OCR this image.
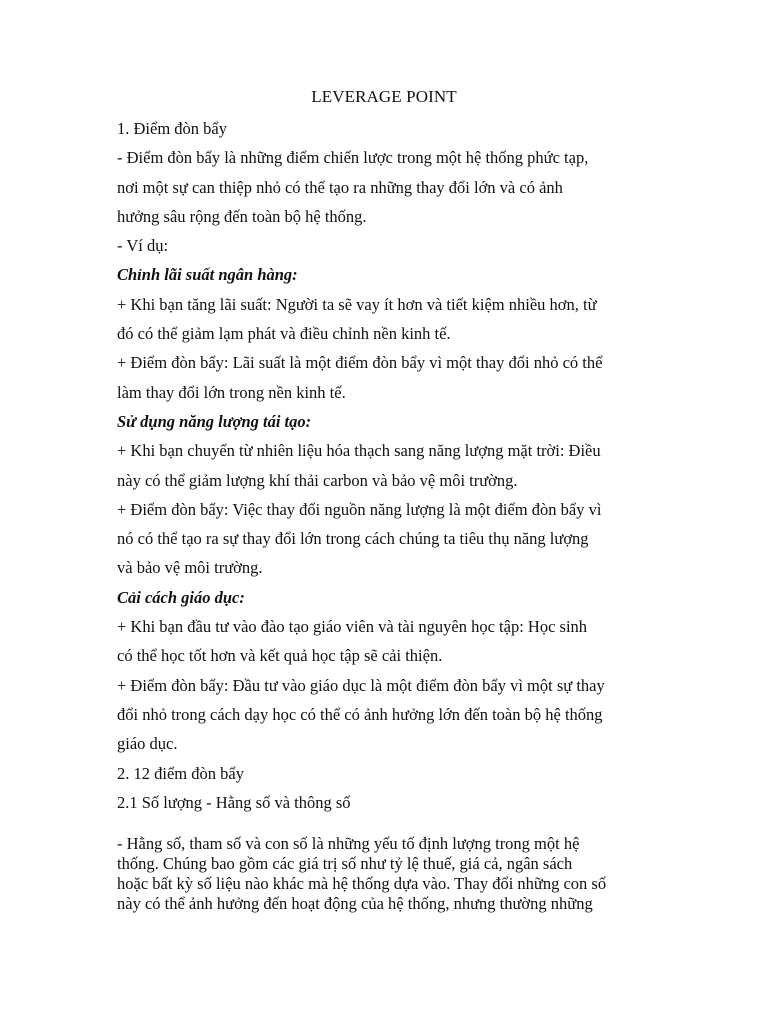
LEVERAGE POINT
1. Điểm đòn bẩy
- Điểm đòn bẩy là những điểm chiến lược trong một hệ thống phức tạp,
nơi một sự can thiệp nhỏ có thể tạo ra những thay đổi lớn và có ảnh
hưởng sâu rộng đến toàn bộ hệ thống.
- Ví dụ:
Chỉnh lãi suất ngân hàng:
+ Khi bạn tăng lãi suất: Người ta sẽ vay ít hơn và tiết kiệm nhiều hơn, từ
đó có thể giảm lạm phát và điều chỉnh nền kinh tế.
+ Điểm đòn bẩy: Lãi suất là một điểm đòn bẩy vì một thay đổi nhỏ có thể
làm thay đổi lớn trong nền kinh tế.
Sử dụng năng lượng tái tạo:
+ Khi bạn chuyển từ nhiên liệu hóa thạch sang năng lượng mặt trời: Điều
này có thể giảm lượng khí thải carbon và bảo vệ môi trường.
+ Điểm đòn bẩy: Việc thay đổi nguồn năng lượng là một điểm đòn bẩy vì
nó có thể tạo ra sự thay đổi lớn trong cách chúng ta tiêu thụ năng lượng
và bảo vệ môi trường.
Cải cách giáo dục:
+ Khi bạn đầu tư vào đào tạo giáo viên và tài nguyên học tập: Học sinh
có thể học tốt hơn và kết quả học tập sẽ cải thiện.
+ Điểm đòn bẩy: Đầu tư vào giáo dục là một điểm đòn bẩy vì một sự thay
đổi nhỏ trong cách dạy học có thể có ảnh hưởng lớn đến toàn bộ hệ thống
giáo dục.
2. 12 điểm đòn bẩy
2.1 Số lượng - Hằng số và thông số
- Hằng số, tham số và con số là những yếu tố định lượng trong một hệ
thống. Chúng bao gồm các giá trị số như tỷ lệ thuế, giá cả, ngân sách
hoặc bất kỳ số liệu nào khác mà hệ thống dựa vào. Thay đổi những con số
này có thể ảnh hưởng đến hoạt động của hệ thống, nhưng thường những
